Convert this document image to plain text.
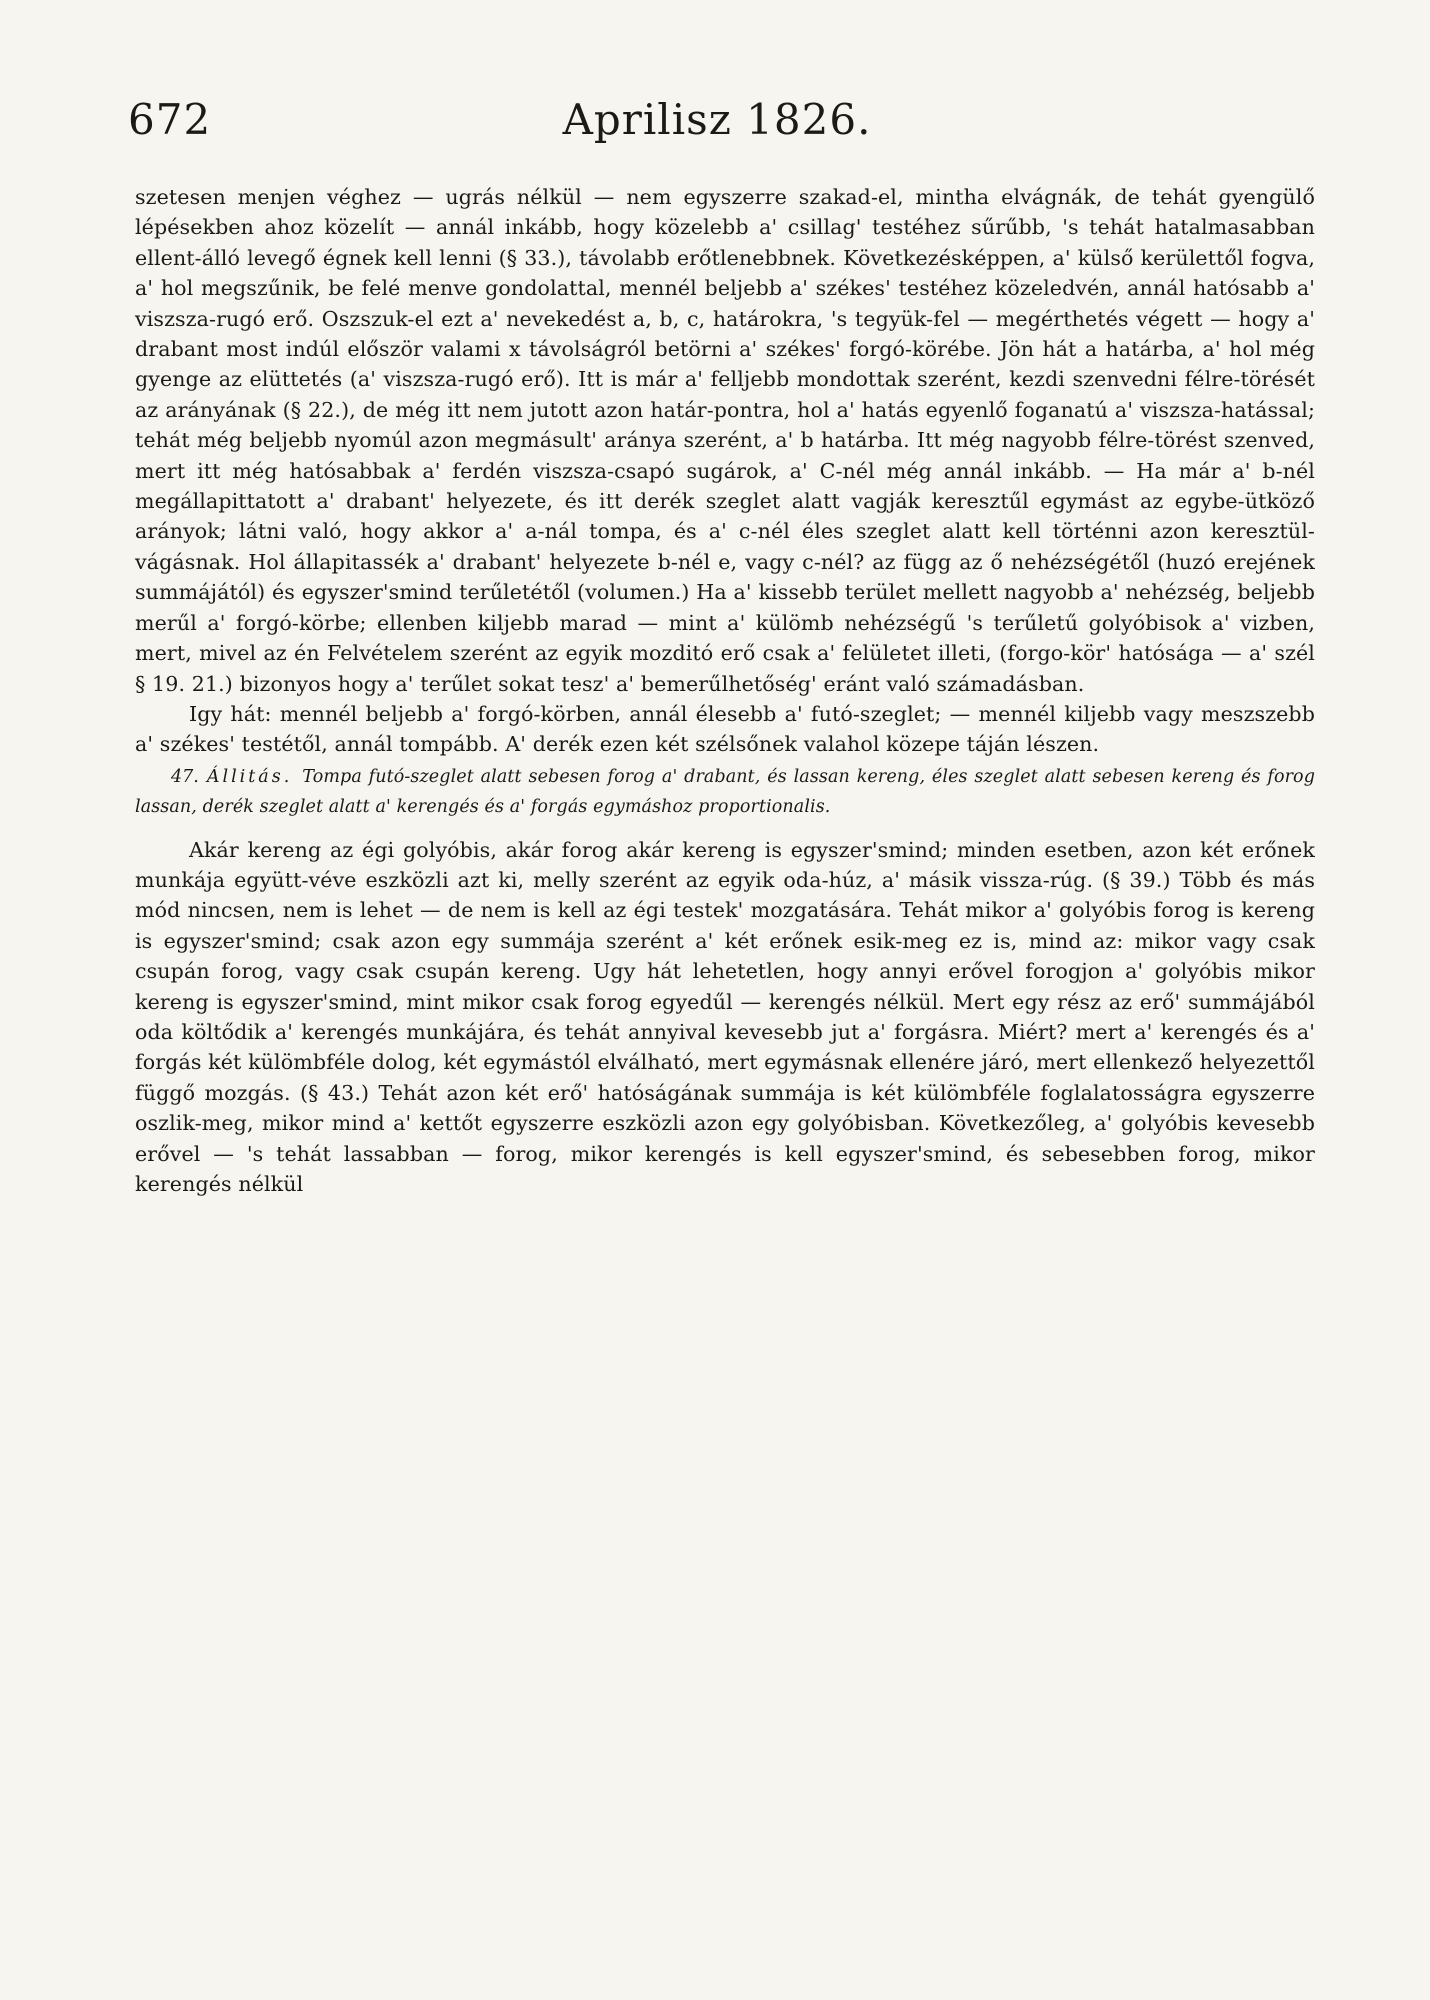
672	Aprilisz 1826.

szetesen menjen véghez — ugrás nélkül — nem egyszerre szakad-el, mintha elvágnák, de tehát gyengülő lépésekben ahoz közelít — annál inkább, hogy közelebb a' csillag' testéhez sűrűbb, 's tehát hatalmasabban ellent-álló levegő égnek kell lenni (§ 33.), távolabb erőtlenebbnek. Következésképpen, a' külső kerülettől fogva, a' hol megszűnik, be felé menve gondolattal, mennél beljebb a' székes' testéhez közeledvén, annál hatósabb a' viszsza-rugó erő. Oszszuk-el ezt a' nevekedést a, b, c, határokra, 's tegyük-fel — megérthetés végett — hogy a' drabant most indúl először valami x távolságról betörni a' székes' forgó-körébe. Jön hát a határba, a' hol még gyenge az elüttetés (a' viszsza-rugó erő). Itt is már a' felljebb mondottak szerént, kezdi szenvedni félre-törését az arányának (§ 22.), de még itt nem jutott azon határ-pontra, hol a' hatás egyenlő foganatú a' viszsza-hatással; tehát még beljebb nyomúl azon megmásult' aránya szerént, a' b határba. Itt még nagyobb félre-törést szenved, mert itt még hatósabbak a' ferdén viszsza-csapó sugárok, a' C-nél még annál inkább. — Ha már a' b-nél megállapittatott a' drabant' helyezete, és itt derék szeglet alatt vagják keresztűl egymást az egybe-ütköző arányok; látni való, hogy akkor a' a-nál tompa, és a' c-nél éles szeglet alatt kell történni azon keresztül-vágásnak. Hol állapitassék a' drabant' helyezete b-nél e, vagy c-nél? az függ az ő nehézségétől (huzó erejének summájától) és egyszer'smind terűletétől (volumen.) Ha a' kissebb terület mellett nagyobb a' nehézség, beljebb merűl a' forgó-körbe; ellenben kiljebb marad — mint a' külömb nehézségű 's terűletű golyóbisok a' vizben, mert, mivel az én Felvételem szerént az egyik mozditó erő csak a' felületet illeti, (forgo-kör' hatósága — a' szél § 19. 21.) bizonyos hogy a' terűlet sokat tesz' a' bemerűlhetőség' eránt való számadásban.

Igy hát: mennél beljebb a' forgó-körben, annál élesebb a' futó-szeglet; — mennél kiljebb vagy meszszebb a' székes' testétől, annál tompább. A' derék ezen két szélsőnek valahol közepe táján lészen.

47. Állitás. Tompa futó-szeglet alatt sebesen forog a' drabant, és lassan kereng, éles szeglet alatt sebesen kereng és forog lassan, derék szeglet alatt a' kerengés és a' forgás egymáshoz proportionalis.

Akár kereng az égi golyóbis, akár forog akár kereng is egyszer'smind; minden esetben, azon két erőnek munkája együtt-véve eszközli azt ki, melly szerént az egyik oda-húz, a' másik vissza-rúg. (§ 39.) Több és más mód nincsen, nem is lehet — de nem is kell az égi testek' mozgatására. Tehát mikor a' golyóbis forog is kereng is egyszer'smind; csak azon egy summája szerént a' két erőnek esik-meg ez is, mind az: mikor vagy csak csupán forog, vagy csak csupán kereng. Ugy hát lehetetlen, hogy annyi erővel forogjon a' golyóbis mikor kereng is egyszer'smind, mint mikor csak forog egyedűl — kerengés nélkül. Mert egy rész az erő' summájából oda költődik a' kerengés munkájára, és tehát annyival kevesebb jut a' forgásra. Miért? mert a' kerengés és a' forgás két külömbféle dolog, két egymástól elválható, mert egymásnak ellenére járó, mert ellenkező helyezettől függő mozgás. (§ 43.) Tehát azon két erő' hatóságának summája is két külömbféle foglalatosságra egyszerre oszlik-meg, mikor mind a' kettőt egyszerre eszközli azon egy golyóbisban. Következőleg, a' golyóbis kevesebb erővel — 's tehát lassabban — forog, mikor kerengés is kell egyszer'smind, és sebesebben forog, mikor kerengés nélkül
